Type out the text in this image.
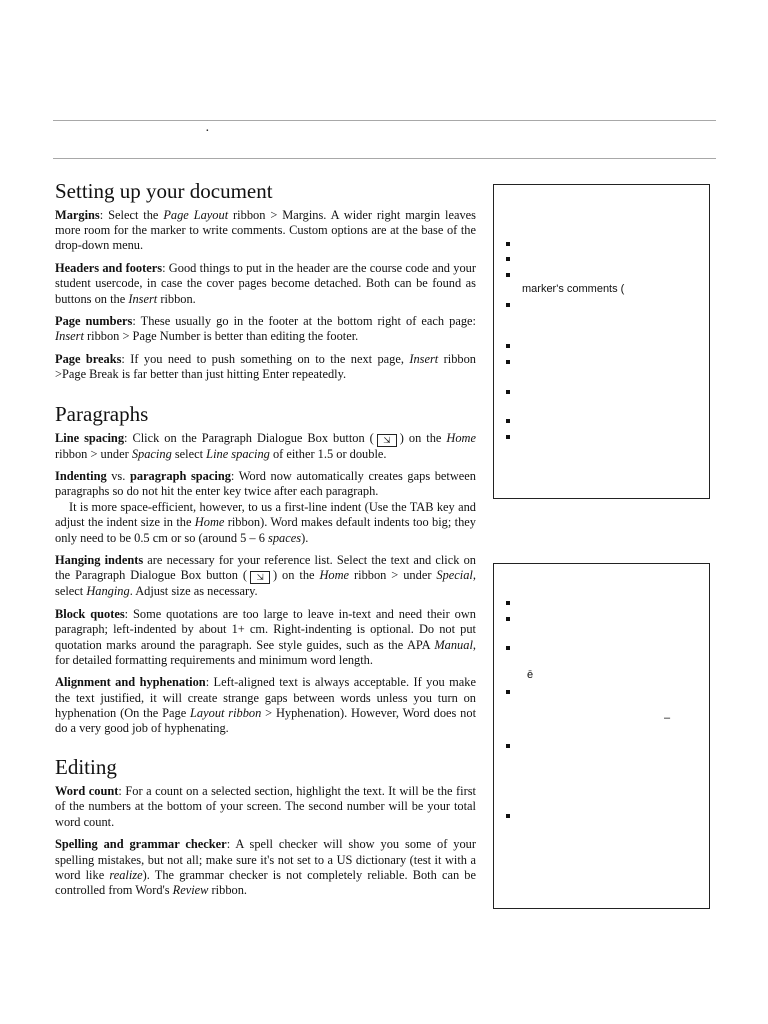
·
Setting up your document

Margins: Select the Page Layout ribbon > Margins. A wider right margin leaves more room for the marker to write comments. Custom options are at the base of the drop-down menu.

Headers and footers: Good things to put in the header are the course code and your student usercode, in case the cover pages become detached. Both can be found as buttons on the Insert ribbon.

Page numbers: These usually go in the footer at the bottom right of each page: Insert ribbon > Page Number is better than editing the footer.

Page breaks: If you need to push something on to the next page, Insert ribbon >Page Break is far better than just hitting Enter repeatedly.

Paragraphs

Line spacing: Click on the Paragraph Dialogue Box button ( ⇲ ) on the Home ribbon > under Spacing select Line spacing of either 1.5 or double.

Indenting vs. paragraph spacing: Word now automatically creates gaps between paragraphs so do not hit the enter key twice after each paragraph.

It is more space-efficient, however, to us a first-line indent (Use the TAB key and adjust the indent size in the Home ribbon). Word makes default indents too big; they only need to be 0.5 cm or so (around 5 – 6 spaces).

Hanging indents are necessary for your reference list. Select the text and click on the Paragraph Dialogue Box button ( ⇲ ) on the Home ribbon > under Special, select Hanging. Adjust size as necessary.

Block quotes: Some quotations are too large to leave in-text and need their own paragraph; left-indented by about 1+ cm. Right-indenting is optional. Do not put quotation marks around the paragraph. See style guides, such as the APA Manual, for detailed formatting requirements and minimum word length.

Alignment and hyphenation: Left-aligned text is always acceptable. If you make the text justified, it will create strange gaps between words unless you turn on hyphenation (On the Page Layout ribbon > Hyphenation). However, Word does not do a very good job of hyphenating.

Editing

Word count: For a count on a selected section, highlight the text. It will be the first of the numbers at the bottom of your screen. The second number will be your total word count.

Spelling and grammar checker: A spell checker will show you some of your spelling mistakes, but not all; make sure it's not set to a US dictionary (test it with a word like realize). The grammar checker is not completely reliable. Both can be controlled from Word's Review ribbon.

marker's comments (
ē
–
